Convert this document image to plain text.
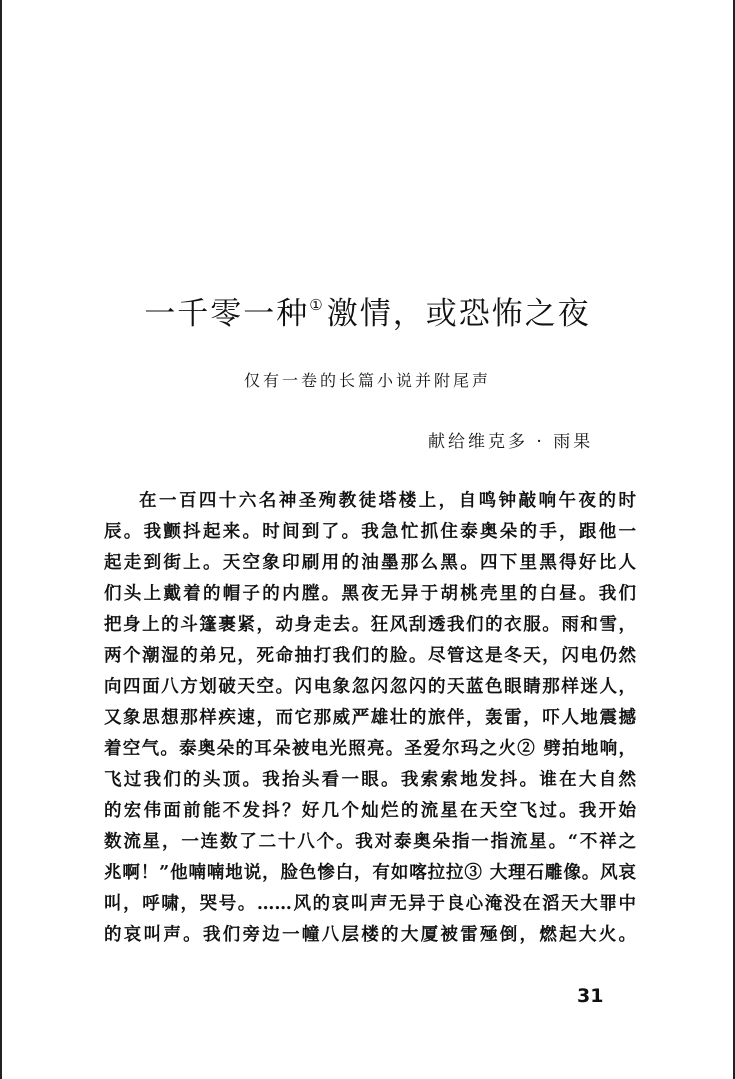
一千零一种①激情，或恐怖之夜

仅有一卷的长篇小说并附尾声

献给维克多 · 雨果

在一百四十六名神圣殉教徒塔楼上，自鸣钟敲响午夜的时
辰。我颤抖起来。时间到了。我急忙抓住泰奥朵的手，跟他一
起走到街上。天空象印刷用的油墨那么黑。四下里黑得好比人
们头上戴着的帽子的内膛。黑夜无异于胡桃壳里的白昼。我们
把身上的斗篷裹紧，动身走去。狂风刮透我们的衣服。雨和雪，
两个潮湿的弟兄，死命抽打我们的脸。尽管这是冬天，闪电仍然
向四面八方划破天空。闪电象忽闪忽闪的天蓝色眼睛那样迷人，
又象思想那样疾速，而它那威严雄壮的旅伴，轰雷，吓人地震撼
着空气。泰奥朵的耳朵被电光照亮。圣爱尔玛之火② 劈拍地响，
飞过我们的头顶。我抬头看一眼。我索索地发抖。谁在大自然
的宏伟面前能不发抖？好几个灿烂的流星在天空飞过。我开始
数流星，一连数了二十八个。我对泰奥朵指一指流星。“不祥之
兆啊！”他喃喃地说，脸色惨白，有如喀拉拉③ 大理石雕像。风哀
叫，呼啸，哭号。……风的哀叫声无异于良心淹没在滔天大罪中
的哀叫声。我们旁边一幢八层楼的大厦被雷殛倒，燃起大火。
31
